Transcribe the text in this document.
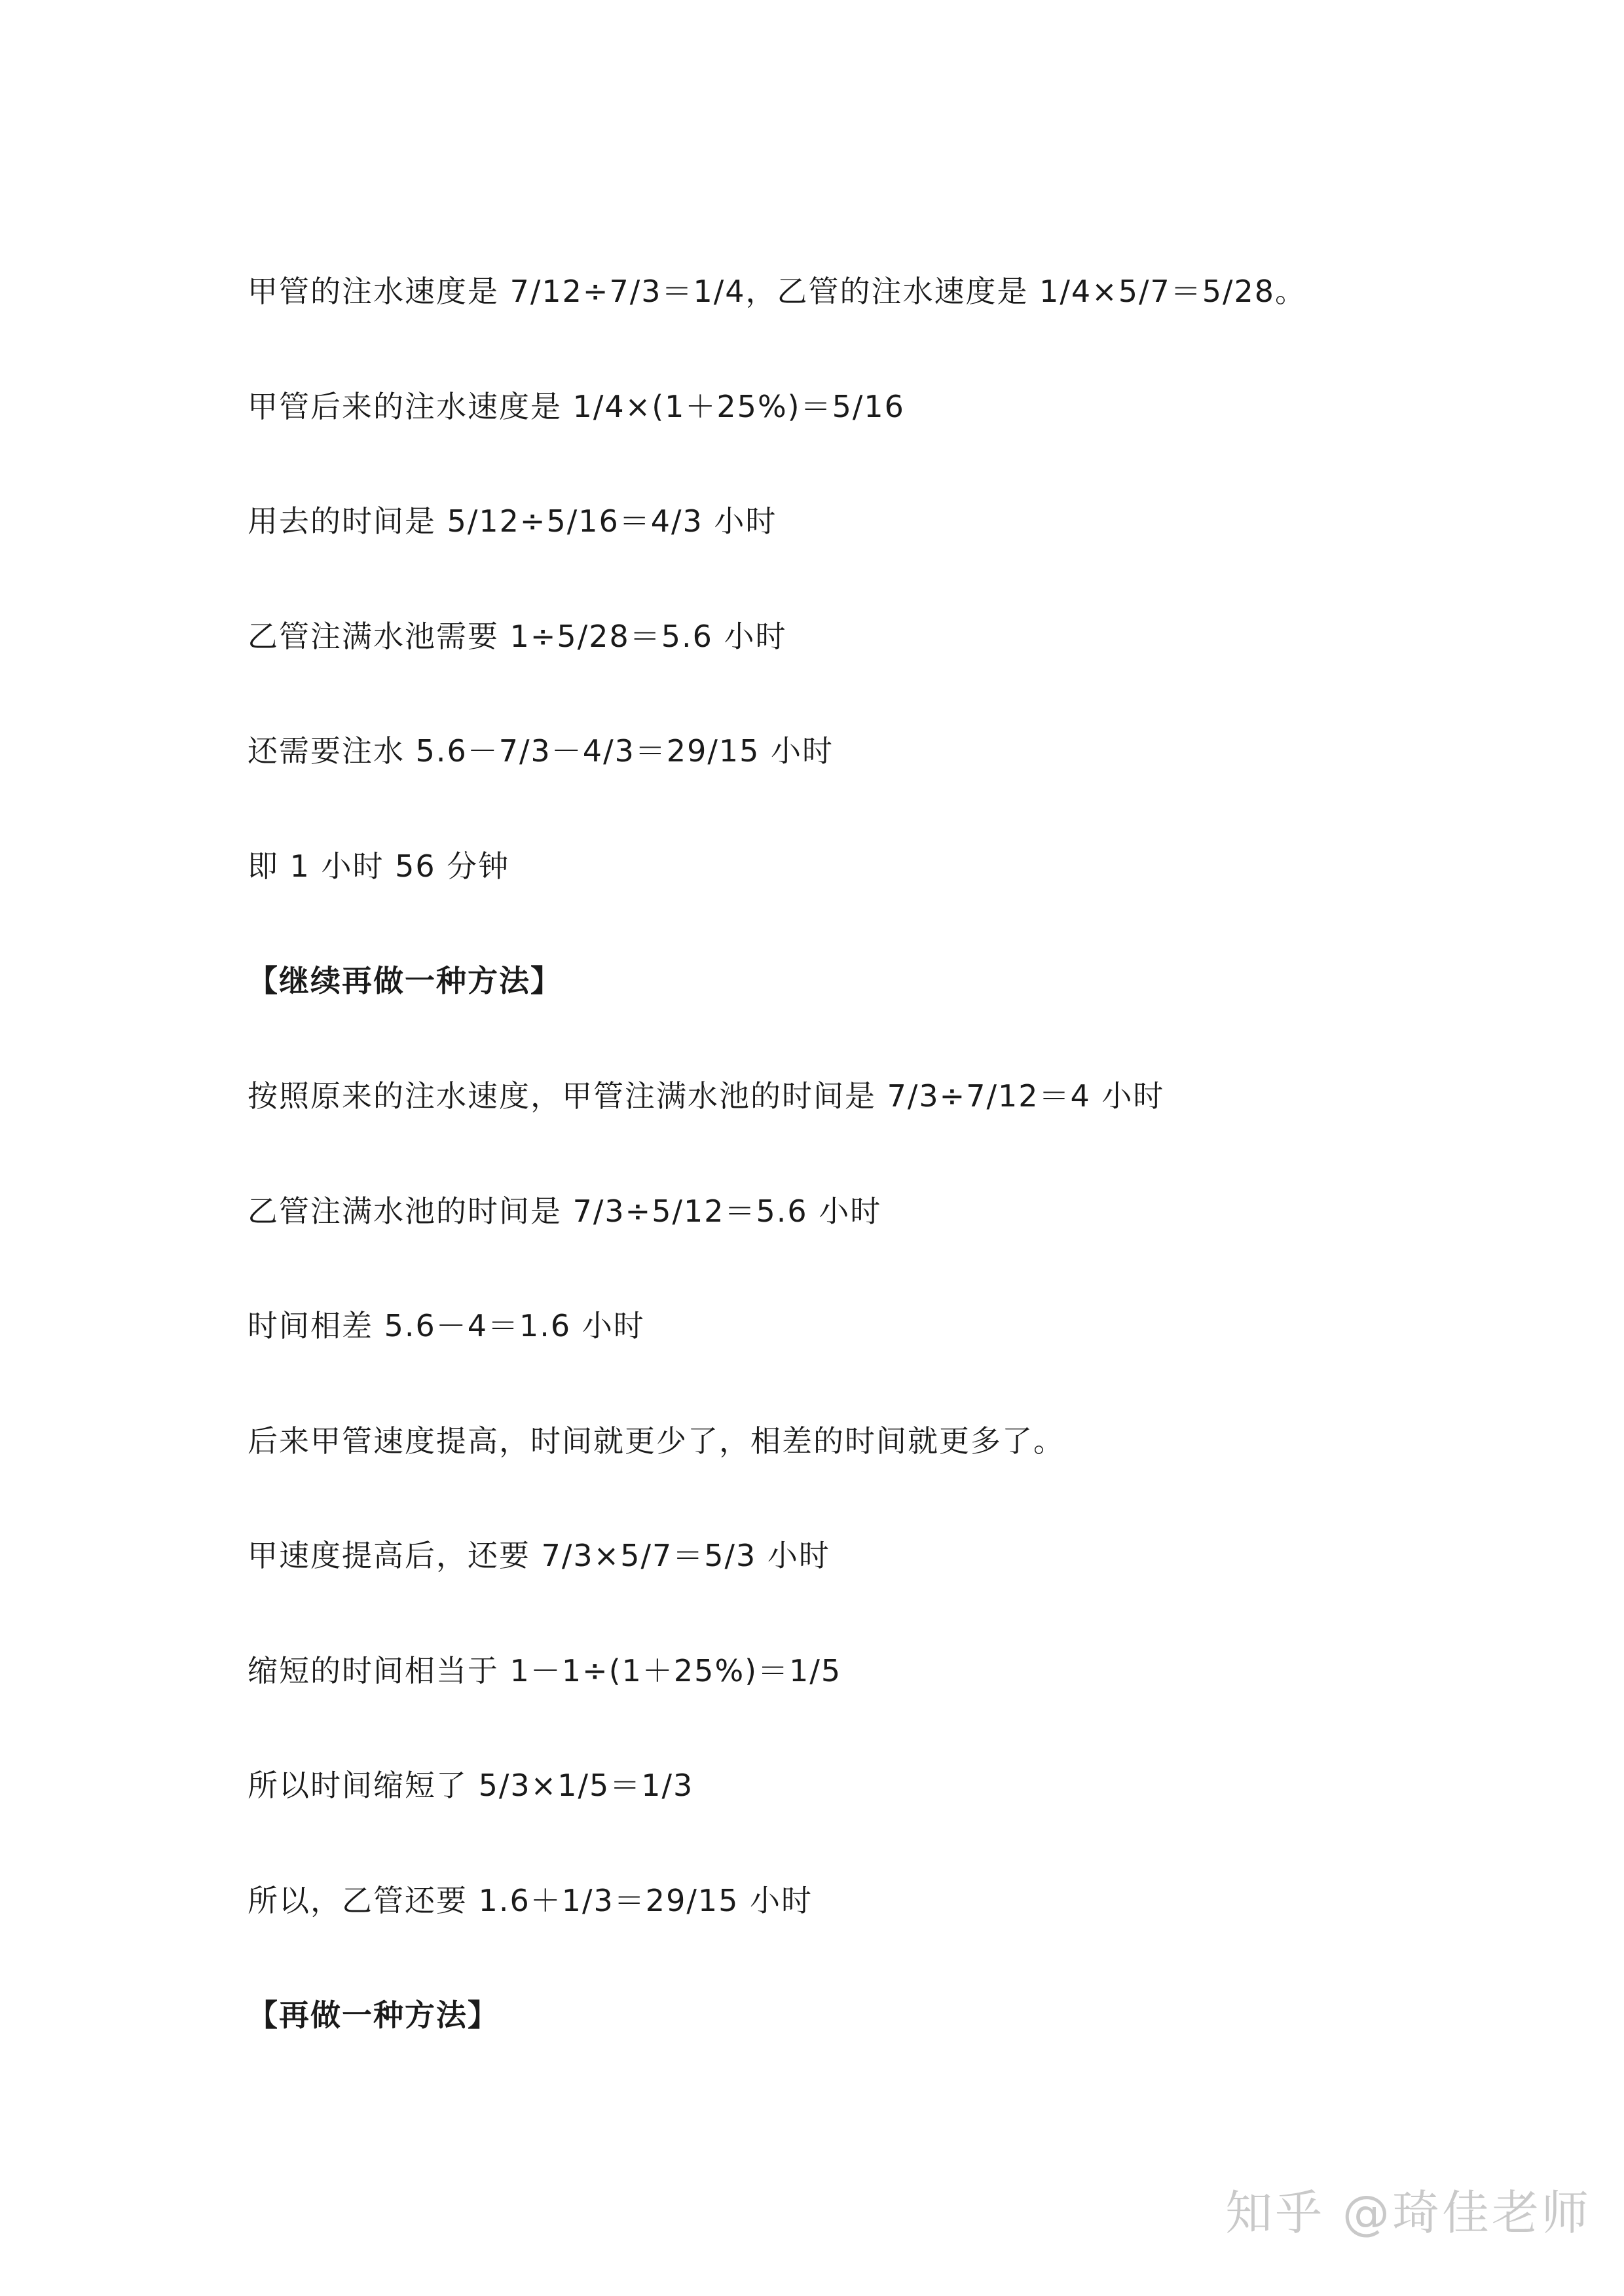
甲管的注水速度是 7/12÷7/3＝1/4，乙管的注水速度是 1/4×5/7＝5/28。
甲管后来的注水速度是 1/4×(1＋25%)＝5/16
用去的时间是 5/12÷5/16＝4/3 小时
乙管注满水池需要 1÷5/28＝5.6 小时
还需要注水 5.6－7/3－4/3＝29/15 小时
即 1 小时 56 分钟
【继续再做一种方法】
按照原来的注水速度，甲管注满水池的时间是 7/3÷7/12＝4 小时
乙管注满水池的时间是 7/3÷5/12＝5.6 小时
时间相差 5.6－4＝1.6 小时
后来甲管速度提高，时间就更少了，相差的时间就更多了。
甲速度提高后，还要 7/3×5/7＝5/3 小时
缩短的时间相当于 1－1÷(1＋25%)＝1/5
所以时间缩短了 5/3×1/5＝1/3
所以，乙管还要 1.6＋1/3＝29/15 小时
【再做一种方法】
知乎 @琦佳老师
